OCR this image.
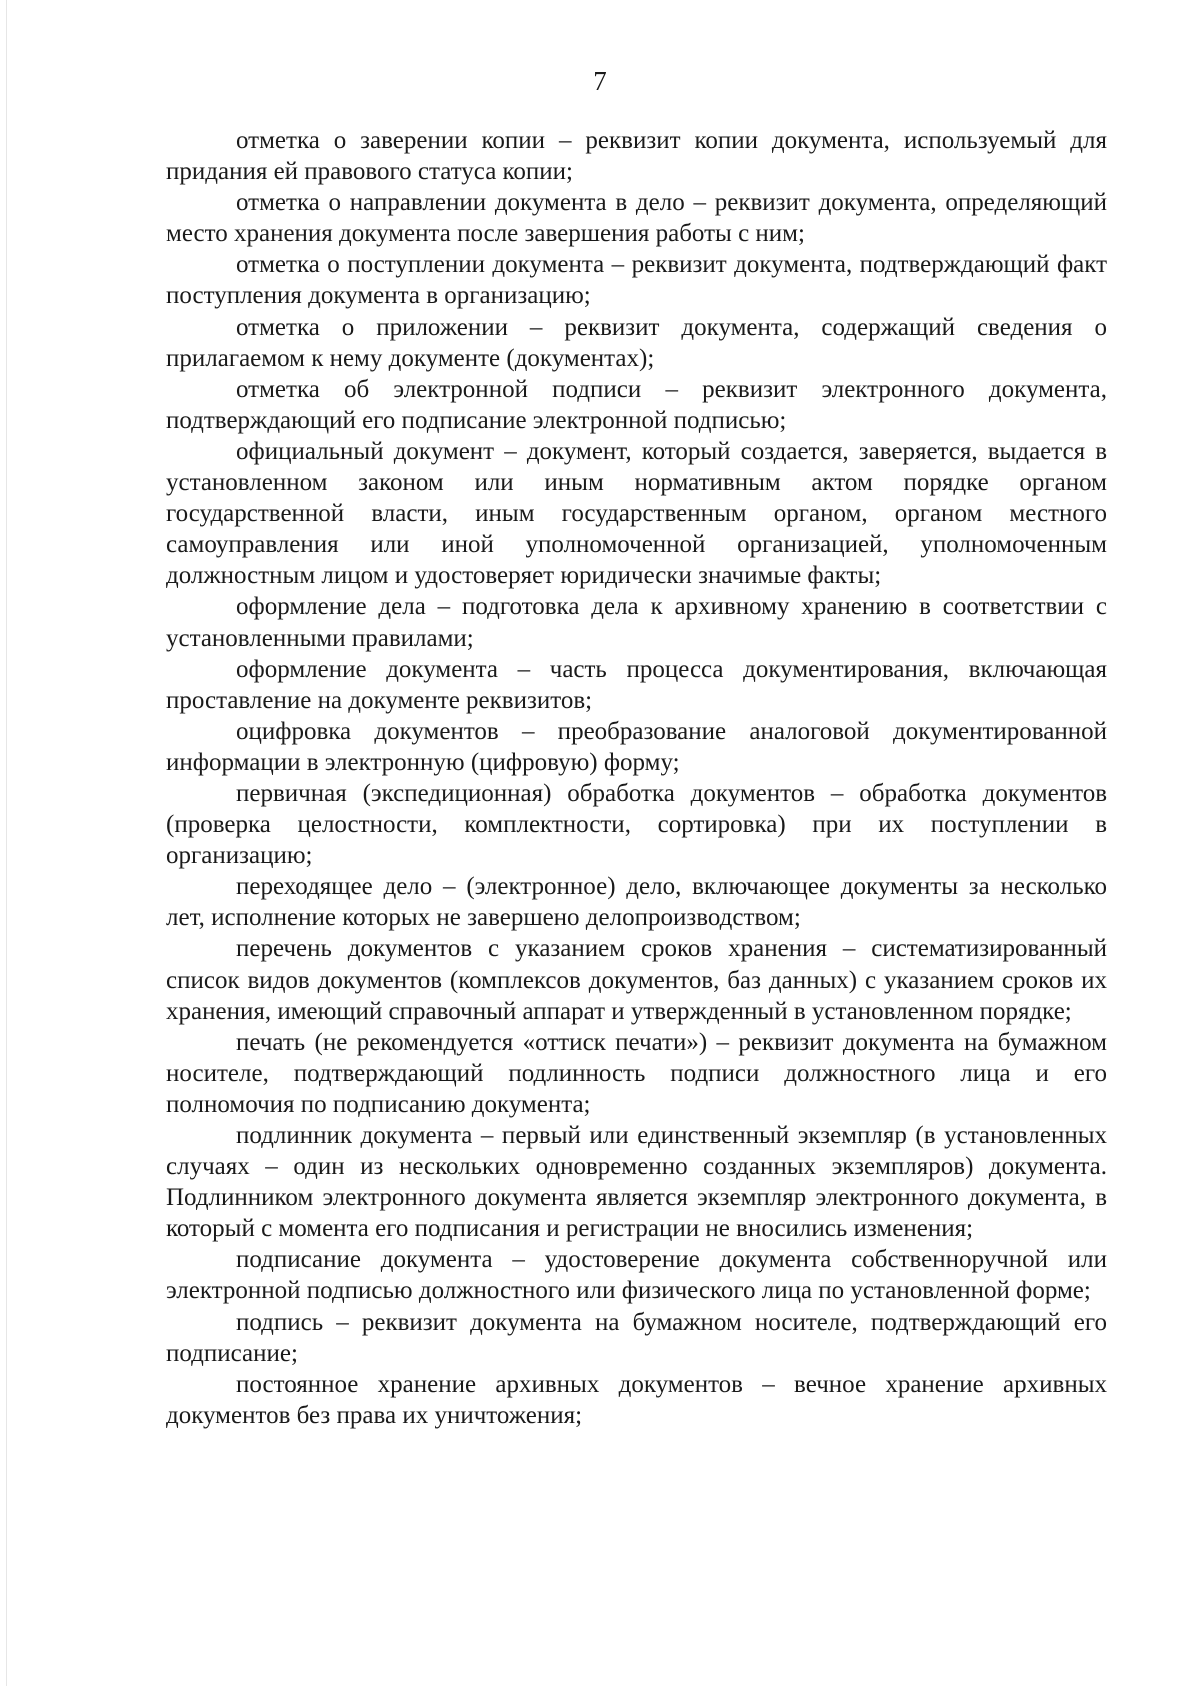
7

отметка о заверении копии – реквизит копии документа, используемый для придания ей правового статуса копии;

отметка о направлении документа в дело – реквизит документа, определяющий место хранения документа после завершения работы с ним;

отметка о поступлении документа – реквизит документа, подтверждающий факт поступления документа в организацию;

отметка о приложении – реквизит документа, содержащий сведения о прилагаемом к нему документе (документах);

отметка об электронной подписи – реквизит электронного документа, подтверждающий его подписание электронной подписью;

официальный документ – документ, который создается, заверяется, выдается в установленном законом или иным нормативным актом порядке органом государственной власти, иным государственным органом, органом местного самоуправления или иной уполномоченной организацией, уполномоченным должностным лицом и удостоверяет юридически значимые факты;

оформление дела – подготовка дела к архивному хранению в соответствии с установленными правилами;

оформление документа – часть процесса документирования, включающая проставление на документе реквизитов;

оцифровка документов – преобразование аналоговой документированной информации в электронную (цифровую) форму;

первичная (экспедиционная) обработка документов – обработка документов (проверка целостности, комплектности, сортировка) при их поступлении в организацию;

переходящее дело – (электронное) дело, включающее документы за несколько лет, исполнение которых не завершено делопроизводством;

перечень документов с указанием сроков хранения – систематизированный список видов документов (комплексов документов, баз данных) с указанием сроков их хранения, имеющий справочный аппарат и утвержденный в установленном порядке;

печать (не рекомендуется «оттиск печати») – реквизит документа на бумажном носителе, подтверждающий подлинность подписи должностного лица и его полномочия по подписанию документа;

подлинник документа – первый или единственный экземпляр (в установленных случаях – один из нескольких одновременно созданных экземпляров) документа. Подлинником электронного документа является экземпляр электронного документа, в который с момента его подписания и регистрации не вносились изменения;

подписание документа – удостоверение документа собственноручной или электронной подписью должностного или физического лица по установленной форме;

подпись – реквизит документа на бумажном носителе, подтверждающий его подписание;

постоянное хранение архивных документов – вечное хранение архивных документов без права их уничтожения;
